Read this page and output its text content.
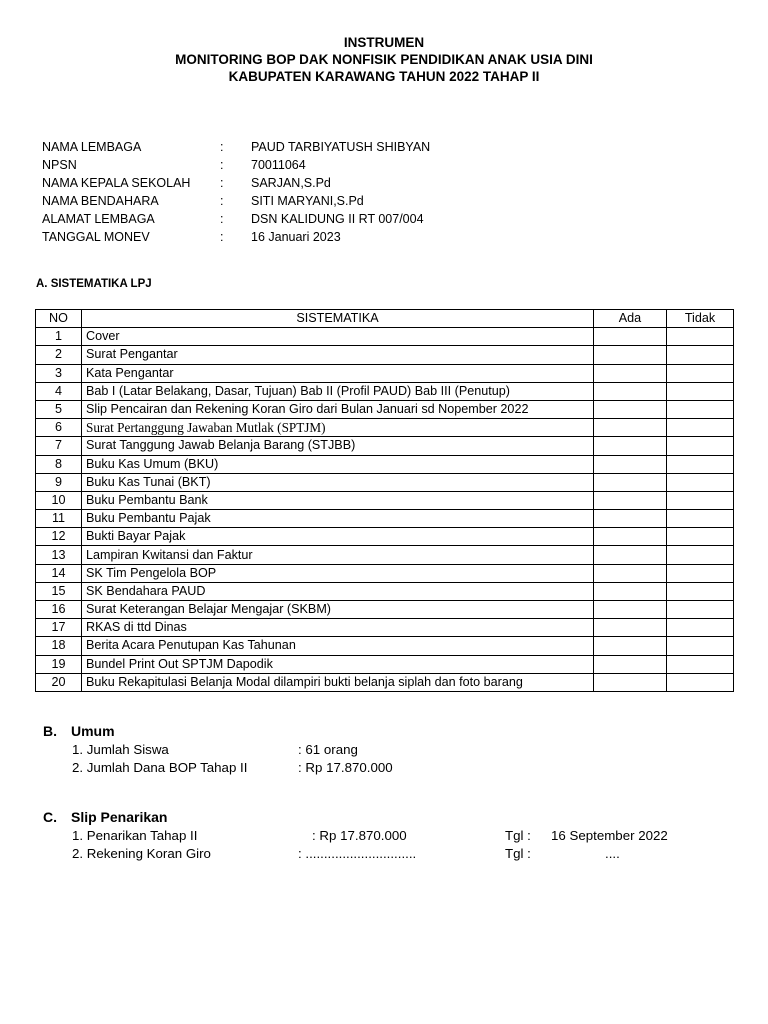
INSTRUMEN
MONITORING BOP DAK NONFISIK PENDIDIKAN ANAK USIA DINI
KABUPATEN KARAWANG TAHUN 2022 TAHAP II
NAMA LEMBAGA	: PAUD TARBIYATUSH SHIBYAN
NPSN	: 70011064
NAMA KEPALA SEKOLAH : SARJAN,S.Pd
NAMA BENDAHARA	: SITI MARYANI,S.Pd
ALAMAT LEMBAGA	: DSN KALIDUNG II RT 007/004
TANGGAL MONEV	: 16 Januari 2023
A. SISTEMATIKA LPJ
NO	SISTEMATIKA	Ada	Tidak
1	Cover		
2	Surat Pengantar		
3	Kata Pengantar		
4	Bab I (Latar Belakang, Dasar, Tujuan) Bab II (Profil PAUD) Bab III (Penutup)		
5	Slip Pencairan dan Rekening Koran Giro dari Bulan Januari sd Nopember 2022		
6	Surat Pertanggung Jawaban Mutlak (SPTJM)		
7	Surat Tanggung Jawab Belanja Barang (STJBB)		
8	Buku Kas Umum (BKU)		
9	Buku Kas Tunai (BKT)		
10	Buku Pembantu Bank		
11	Buku Pembantu Pajak		
12	Bukti Bayar Pajak		
13	Lampiran Kwitansi dan Faktur		
14	SK Tim Pengelola BOP		
15	SK Bendahara PAUD		
16	Surat Keterangan Belajar Mengajar (SKBM)		
17	RKAS di ttd Dinas		
18	Berita Acara Penutupan Kas Tahunan		
19	Bundel Print Out SPTJM Dapodik		
20	Buku Rekapitulasi Belanja Modal dilampiri bukti belanja siplah dan foto barang		
B. Umum
1. Jumlah Siswa	: 61 orang
2. Jumlah Dana BOP Tahap II	: Rp 17.870.000
C. Slip Penarikan
1. Penarikan Tahap II	: Rp 17.870.000	Tgl : 16 September 2022
2. Rekening Koran Giro	: ..............................	Tgl :	....
